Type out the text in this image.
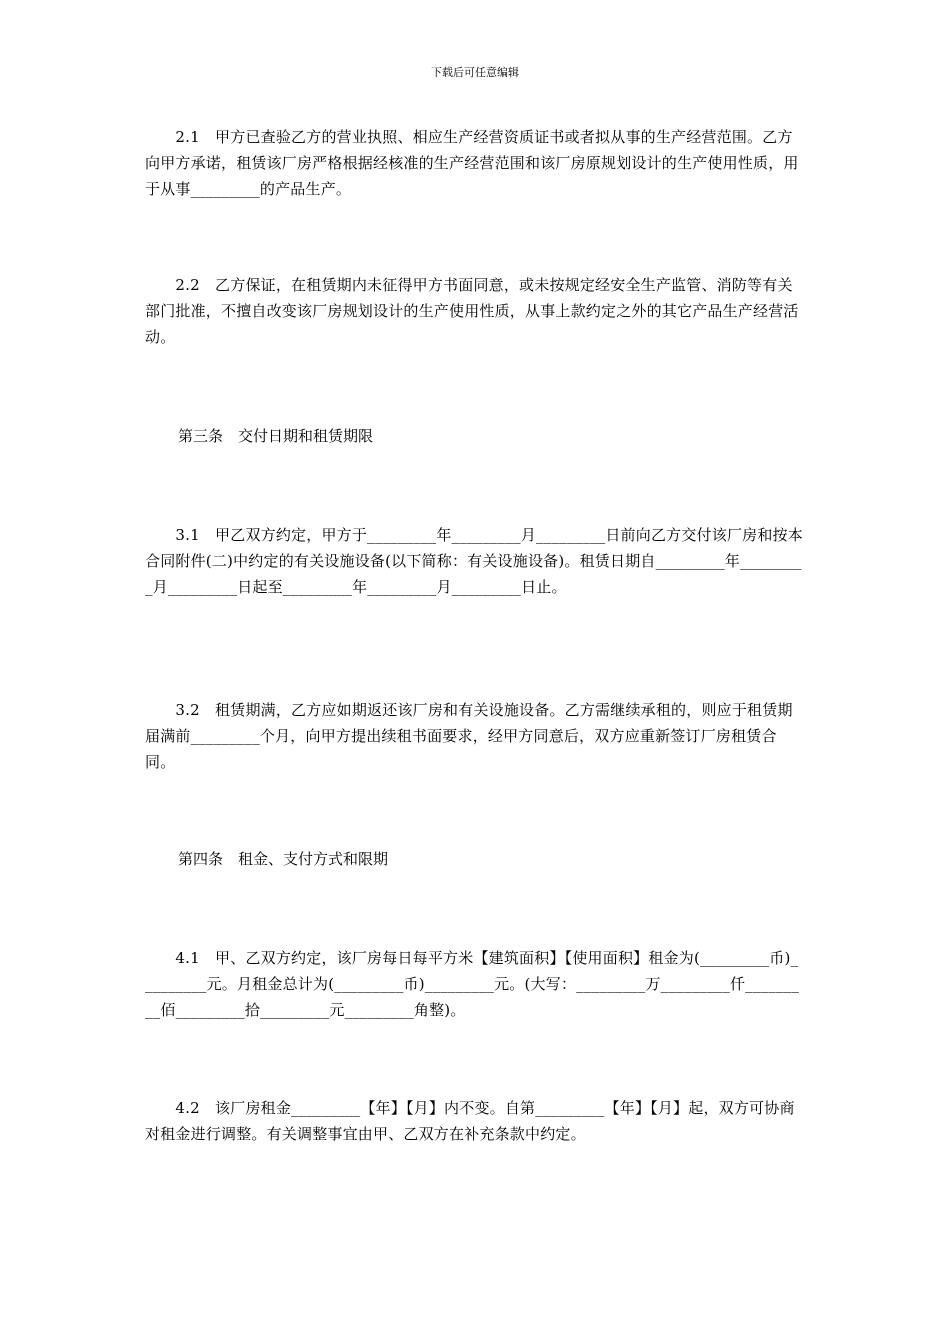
下载后可任意编辑

　　2.1　甲方已查验乙方的营业执照、相应生产经营资质证书或者拟从事的生产经营范围。乙方向甲方承诺，租赁该厂房严格根据经核准的生产经营范围和该厂房原规划设计的生产使用性质，用于从事_________的产品生产。

　　2.2　乙方保证，在租赁期内未征得甲方书面同意，或未按规定经安全生产监管、消防等有关部门批准，不擅自改变该厂房规划设计的生产使用性质，从事上款约定之外的其它产品生产经营活动。

第三条　交付日期和租赁期限

　　3.1　甲乙双方约定，甲方于_________年_________月_________日前向乙方交付该厂房和按本合同附件(二)中约定的有关设施设备(以下简称：有关设施设备)。租赁日期自_________年_________月_________日起至_________年_________月_________日止。

　　3.2　租赁期满，乙方应如期返还该厂房和有关设施设备。乙方需继续承租的，则应于租赁期届满前_________个月，向甲方提出续租书面要求，经甲方同意后，双方应重新签订厂房租赁合同。

第四条　租金、支付方式和限期

　　4.1　甲、乙双方约定，该厂房每日每平方米【建筑面积】【使用面积】租金为(_________币)_________元。月租金总计为(_________币)_________元。(大写：_________万_________仟_________佰_________拾_________元_________角整)。

　　4.2　该厂房租金_________【年】【月】内不变。自第_________【年】【月】起，双方可协商对租金进行调整。有关调整事宜由甲、乙双方在补充条款中约定。
